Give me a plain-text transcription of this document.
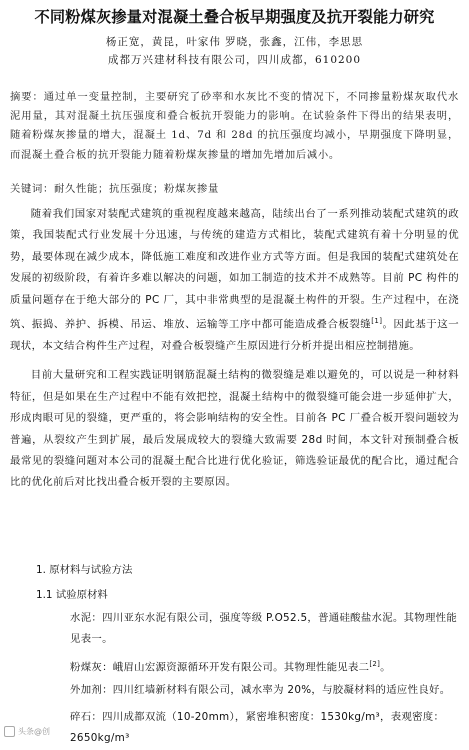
不同粉煤灰掺量对混凝土叠合板早期强度及抗开裂能力研究
杨正宽，黄昆，叶家伟 罗晓，张鑫，江伟，李思思
成都万兴建材科技有限公司，四川成都，610200
摘要：通过单一变量控制，主要研究了砂率和水灰比不变的情况下，不同掺量粉煤灰取代水泥用量，其对混凝土抗压强度和叠合板抗开裂能力的影响。在试验条件下得出的结果表明，随着粉煤灰掺量的增大，混凝土 1d、7d 和 28d 的抗压强度均减小，早期强度下降明显，而混凝土叠合板的抗开裂能力随着粉煤灰掺量的增加先增加后减小。
关键词：耐久性能；抗压强度；粉煤灰掺量

随着我们国家对装配式建筑的重视程度越来越高，陆续出台了一系列推动装配式建筑的政策，我国装配式行业发展十分迅速，与传统的建造方式相比，装配式建筑有着十分明显的优势，最要体现在减少成本，降低施工难度和改进作业方式等方面。但是我国的装配式建筑处在发展的初级阶段，有着许多难以解决的问题，如加工制造的技术并不成熟等。目前 PC 构件的质量问题存在于绝大部分的 PC 厂，其中非常典型的是混凝土构件的开裂。生产过程中，在浇筑、振捣、养护、拆模、吊运、堆放、运输等工序中都可能造成叠合板裂缝[1]。因此基于这一现状，本文结合构件生产过程，对叠合板裂缝产生原因进行分析并提出相应控制措施。

目前大量研究和工程实践证明钢筋混凝土结构的微裂缝是难以避免的，可以说是一种材料特征，但是如果在生产过程中不能有效把控，混凝土结构中的微裂缝可能会进一步延伸扩大，形成肉眼可见的裂缝，更严重的，将会影响结构的安全性。目前各 PC 厂叠合板开裂问题较为普遍，从裂纹产生到扩展，最后发展成较大的裂缝大致需要 28d 时间，本文针对预制叠合板最常见的裂缝问题对本公司的混凝土配合比进行优化验证，筛选验证最优的配合比，通过配合比的优化前后对比找出叠合板开裂的主要原因。

1. 原材料与试验方法
1.1 试验原材料
水泥：四川亚东水泥有限公司，强度等级 P.O52.5，普通硅酸盐水泥。其物理性能见表一。
粉煤灰：峨眉山宏源资源循环开发有限公司。其物理性能见表二[2]。
外加剂：四川红墙新材料有限公司，减水率为 20%，与胶凝材料的适应性良好。
碎石：四川成都双流（10-20mm），紧密堆积密度：1530kg/m³，表观密度：2650kg/m³
头条@创
